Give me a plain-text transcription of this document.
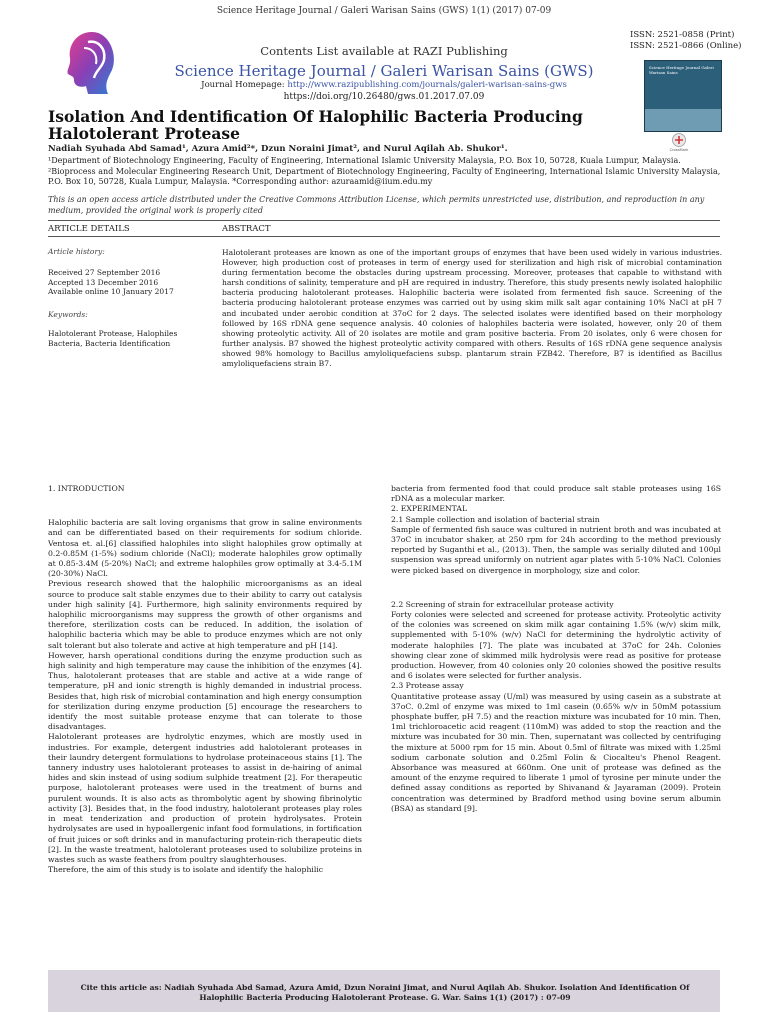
Science Heritage Journal / Galeri Warisan Sains (GWS) 1(1) (2017) 07-09
ISSN: 2521-0858 (Print)
ISSN: 2521-0866 (Online)
Contents List available at RAZI Publishing
Science Heritage Journal / Galeri Warisan Sains (GWS)
Journal Homepage: http://www.razipublishing.com/journals/galeri-warisan-sains-gws
https://doi.org/10.26480/gws.01.2017.07.09
Science Heritage Journal Galeri Warisan Sains
CrossMark
Isolation And Identification Of Halophilic Bacteria Producing Halotolerant Protease
Nadiah Syuhada Abd Samad¹, Azura Amid²*, Dzun Noraini Jimat², and Nurul Aqilah Ab. Shukor¹.
¹Department of Biotechnology Engineering, Faculty of Engineering, International Islamic University Malaysia, P.O. Box 10, 50728, Kuala Lumpur, Malaysia.
²Bioprocess and Molecular Engineering Research Unit, Department of Biotechnology Engineering, Faculty of Engineering, International Islamic University Malaysia, P.O. Box 10, 50728, Kuala Lumpur, Malaysia. *Corresponding author: azuraamid@iium.edu.my
This is an open access article distributed under the Creative Commons Attribution License, which permits unrestricted use, distribution, and reproduction in any medium, provided the original work is properly cited
ARTICLE DETAILS	ABSTRACT
Article history:
Received 27 September 2016
Accepted 13 December 2016
Available online 10 January 2017
Keywords:
Halotolerant Protease, Halophiles Bacteria, Bacteria Identification
Halotolerant proteases are known as one of the important groups of enzymes that have been used widely in various industries. However, high production cost of proteases in term of energy used for sterilization and high risk of microbial contamination during fermentation become the obstacles during upstream processing. Moreover, proteases that capable to withstand with harsh conditions of salinity, temperature and pH are required in industry. Therefore, this study presents newly isolated halophilic bacteria producing halotolerant proteases. Halophilic bacteria were isolated from fermented fish sauce. Screening of the bacteria producing halotolerant protease enzymes was carried out by using skim milk salt agar containing 10% NaCl at pH 7 and incubated under aerobic condition at 37oC for 2 days. The selected isolates were identified based on their morphology followed by 16S rDNA gene sequence analysis. 40 colonies of halophiles bacteria were isolated, however, only 20 of them showing proteolytic activity. All of 20 isolates are motile and gram positive bacteria. From 20 isolates, only 6 were chosen for further analysis. B7 showed the highest proteolytic activity compared with others. Results of 16S rDNA gene sequence analysis showed 98% homology to Bacillus amyloliquefaciens subsp. plantarum strain FZB42. Therefore, B7 is identified as Bacillus amyloliquefaciens strain B7.

1. INTRODUCTION

Halophilic bacteria are salt loving organisms that grow in saline environments and can be differentiated based on their requirements for sodium chloride. Ventosa et. al.[6] classified halophiles into slight halophiles grow optimally at 0.2-0.85M (1-5%) sodium chloride (NaCl); moderate halophiles grow optimally at 0.85-3.4M (5-20%) NaCl; and extreme halophiles grow optimally at 3.4-5.1M (20-30%) NaCl.

Previous research showed that the halophilic microorganisms as an ideal source to produce salt stable enzymes due to their ability to carry out catalysis under high salinity [4]. Furthermore, high salinity environments required by halophilic microorganisms may suppress the growth of other organisms and therefore, sterilization costs can be reduced. In addition, the isolation of halophilic bacteria which may be able to produce enzymes which are not only salt tolerant but also tolerate and active at high temperature and pH [14].

However, harsh operational conditions during the enzyme production such as high salinity and high temperature may cause the inhibition of the enzymes [4]. Thus, halotolerant proteases that are stable and active at a wide range of temperature, pH and ionic strength is highly demanded in industrial process. Besides that, high risk of microbial contamination and high energy consumption for sterilization during enzyme production [5] encourage the researchers to identify the most suitable protease enzyme that can tolerate to those disadvantages.

Halotolerant proteases are hydrolytic enzymes, which are mostly used in industries. For example, detergent industries add halotolerant proteases in their laundry detergent formulations to hydrolase proteinaceous stains [1]. The tannery industry uses halotolerant proteases to assist in de-hairing of animal hides and skin instead of using sodium sulphide treatment [2]. For therapeutic purpose, halotolerant proteases were used in the treatment of burns and purulent wounds. It is also acts as thrombolytic agent by showing fibrinolytic activity [3]. Besides that, in the food industry, halotolerant proteases play roles in meat tenderization and production of protein hydrolysates. Protein hydrolysates are used in hypoallergenic infant food formulations, in fortification of fruit juices or soft drinks and in manufacturing protein-rich therapeutic diets [2]. In the waste treatment, halotolerant proteases used to solubilize proteins in wastes such as waste feathers from poultry slaughterhouses.

Therefore, the aim of this study is to isolate and identify the halophilic

bacteria from fermented food that could produce salt stable proteases using 16S rDNA as a molecular marker.

2. EXPERIMENTAL

2.1 Sample collection and isolation of bacterial strain

Sample of fermented fish sauce was cultured in nutrient broth and was incubated at 37oC in incubator shaker, at 250 rpm for 24h according to the method previously reported by Suganthi et al., (2013). Then, the sample was serially diluted and 100μl suspension was spread uniformly on nutrient agar plates with 5-10% NaCl. Colonies were picked based on divergence in morphology, size and color.

2.2 Screening of strain for extracellular protease activity

Forty colonies were selected and screened for protease activity. Proteolytic activity of the colonies was screened on skim milk agar containing 1.5% (w/v) skim milk, supplemented with 5-10% (w/v) NaCl for determining the hydrolytic activity of moderate halophiles [7]. The plate was incubated at 37oC for 24h. Colonies showing clear zone of skimmed milk hydrolysis were read as positive for protease production. However, from 40 colonies only 20 colonies showed the positive results and 6 isolates were selected for further analysis.

2.3 Protease assay

Quantitative protease assay (U/ml) was measured by using casein as a substrate at 37oC. 0.2ml of enzyme was mixed to 1ml casein (0.65% w/v in 50mM potassium phosphate buffer, pH 7.5) and the reaction mixture was incubated for 10 min. Then, 1ml trichloroacetic acid reagent (110mM) was added to stop the reaction and the mixture was incubated for 30 min. Then, supernatant was collected by centrifuging the mixture at 5000 rpm for 15 min. About 0.5ml of filtrate was mixed with 1.25ml sodium carbonate solution and 0.25ml Folin & Ciocalteu's Phenol Reagent. Absorbance was measured at 660nm. One unit of protease was defined as the amount of the enzyme required to liberate 1 μmol of tyrosine per minute under the defined assay conditions as reported by Shivanand & Jayaraman (2009). Protein concentration was determined by Bradford method using bovine serum albumin (BSA) as standard [9].

Cite this article as: Nadiah Syuhada Abd Samad, Azura Amid, Dzun Noraini Jimat, and Nurul Aqilah Ab. Shukor. Isolation And Identification Of Halophilic Bacteria Producing Halotolerant Protease. G. War. Sains 1(1) (2017) : 07-09
